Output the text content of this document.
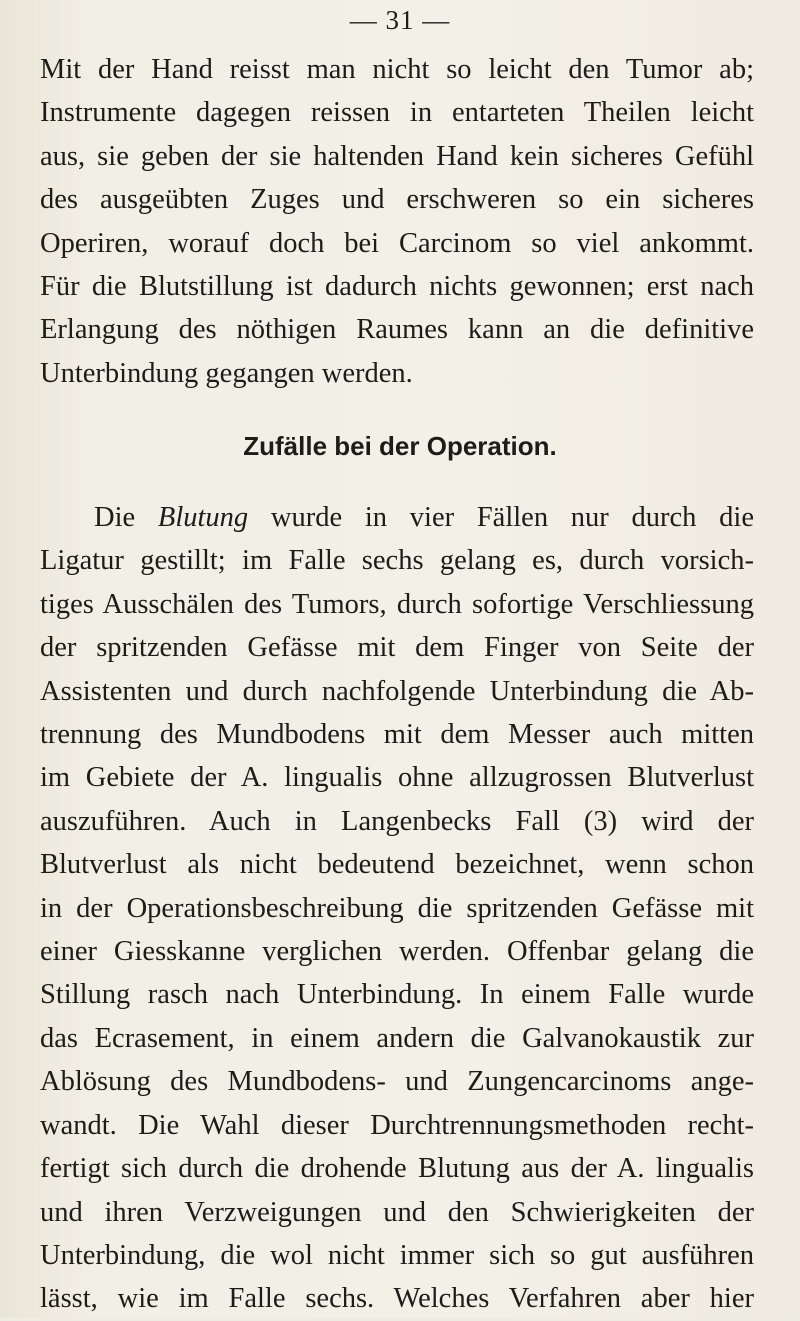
— 31 —
Mit der Hand reisst man nicht so leicht den Tumor ab;
Instrumente dagegen reissen in entarteten Theilen leicht
aus, sie geben der sie haltenden Hand kein sicheres Gefühl
des ausgeübten Zuges und erschweren so ein sicheres
Operiren, worauf doch bei Carcinom so viel ankommt.
Für die Blutstillung ist dadurch nichts gewonnen; erst nach
Erlangung des nöthigen Raumes kann an die definitive
Unterbindung gegangen werden.
Zufälle bei der Operation.
Die Blutung wurde in vier Fällen nur durch die
Ligatur gestillt; im Falle sechs gelang es, durch vorsich-
tiges Ausschälen des Tumors, durch sofortige Verschliessung
der spritzenden Gefässe mit dem Finger von Seite der
Assistenten und durch nachfolgende Unterbindung die Ab-
trennung des Mundbodens mit dem Messer auch mitten
im Gebiete der A. lingualis ohne allzugrossen Blutverlust
auszuführen. Auch in Langenbecks Fall (3) wird der
Blutverlust als nicht bedeutend bezeichnet, wenn schon
in der Operationsbeschreibung die spritzenden Gefässe mit
einer Giesskanne verglichen werden. Offenbar gelang die
Stillung rasch nach Unterbindung. In einem Falle wurde
das Ecrasement, in einem andern die Galvanokaustik zur
Ablösung des Mundbodens- und Zungencarcinoms ange-
wandt. Die Wahl dieser Durchtrennungsmethoden recht-
fertigt sich durch die drohende Blutung aus der A. lingualis
und ihren Verzweigungen und den Schwierigkeiten der
Unterbindung, die wol nicht immer sich so gut ausführen
lässt, wie im Falle sechs. Welches Verfahren aber hier
